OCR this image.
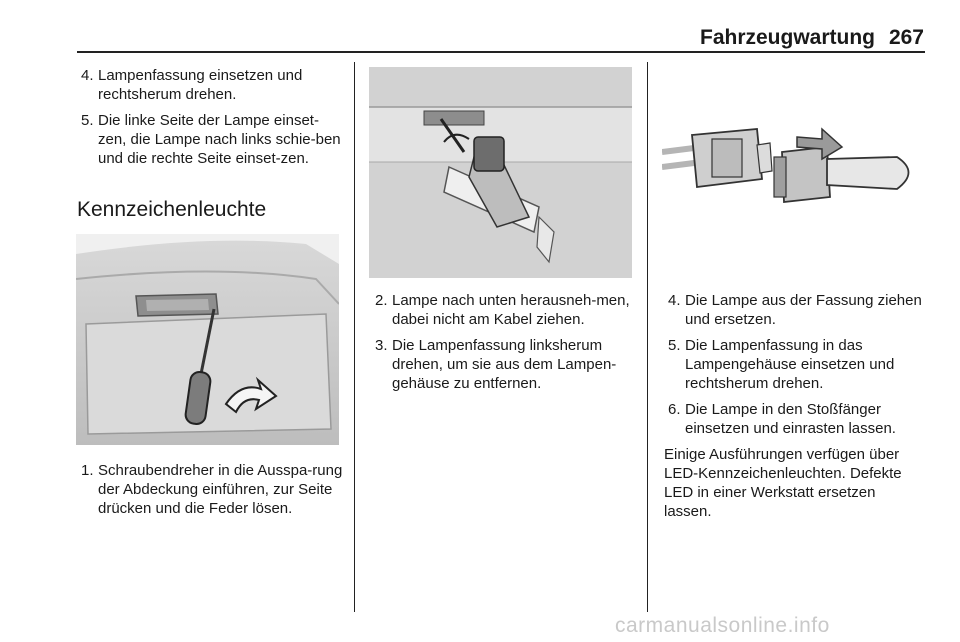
Fahrzeugwartung 267
4. Lampenfassung einsetzen und rechtsherum drehen.
5. Die linke Seite der Lampe einset-zen, die Lampe nach links schie-ben und die rechte Seite einset-zen.
Kennzeichenleuchte
1. Schraubendreher in die Ausspa-rung der Abdeckung einführen, zur Seite drücken und die Feder lösen.
2. Lampe nach unten herausneh-men, dabei nicht am Kabel ziehen.
3. Die Lampenfassung linksherum drehen, um sie aus dem Lampen-gehäuse zu entfernen.
4. Die Lampe aus der Fassung ziehen und ersetzen.
5. Die Lampenfassung in das Lampengehäuse einsetzen und rechtsherum drehen.
6. Die Lampe in den Stoßfänger einsetzen und einrasten lassen.
Einige Ausführungen verfügen über LED-Kennzeichenleuchten. Defekte LED in einer Werkstatt ersetzen lassen.
carmanualsonline.info
